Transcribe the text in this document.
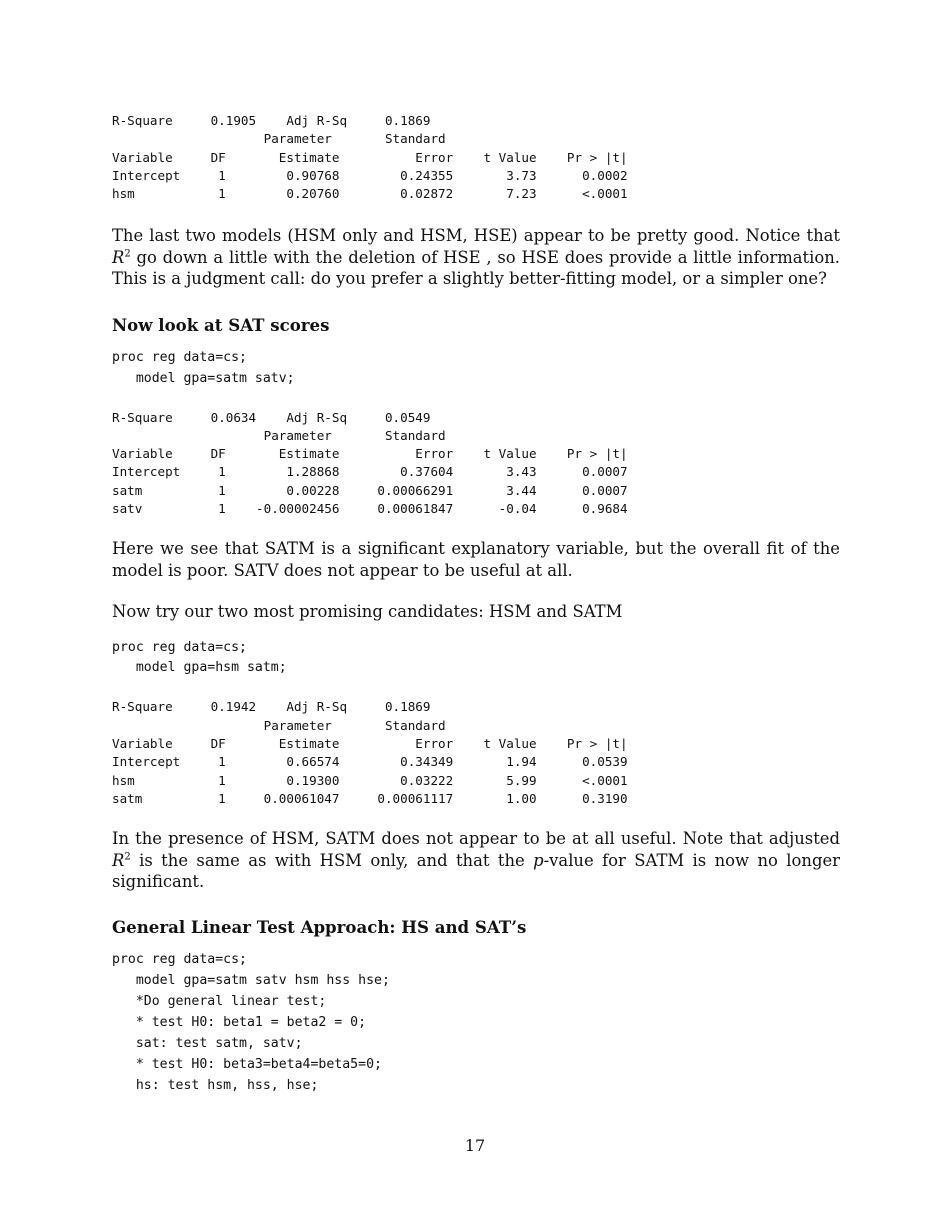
R-Square     0.1905    Adj R-Sq     0.1869
Parameter       Standard
Variable     DF       Estimate          Error    t Value    Pr > |t|
Intercept     1        0.90768        0.24355       3.73      0.0002
hsm           1        0.20760        0.02872       7.23      <.0001

The last two models (HSM only and HSM, HSE) appear to be pretty good. Notice that $R^2$ go down a little with the deletion of HSE , so HSE does provide a little information. This is a judgment call: do you prefer a slightly better-fitting model, or a simpler one?

Now look at SAT scores
proc reg data=cs;
model gpa=satm satv;
R-Square     0.0634    Adj R-Sq     0.0549
Parameter       Standard
Variable     DF       Estimate          Error    t Value    Pr > |t|
Intercept     1        1.28868        0.37604       3.43      0.0007
satm          1        0.00228     0.00066291       3.44      0.0007
satv          1    -0.00002456     0.00061847      -0.04      0.9684

Here we see that SATM is a significant explanatory variable, but the overall fit of the model is poor. SATV does not appear to be useful at all.

Now try our two most promising candidates: HSM and SATM

proc reg data=cs;
model gpa=hsm satm;
R-Square     0.1942    Adj R-Sq     0.1869
Parameter       Standard
Variable     DF       Estimate          Error    t Value    Pr > |t|
Intercept     1        0.66574        0.34349       1.94      0.0539
hsm           1        0.19300        0.03222       5.99      <.0001
satm          1     0.00061047     0.00061117       1.00      0.3190

In the presence of HSM, SATM does not appear to be at all useful. Note that adjusted $R^2$ is the same as with HSM only, and that the p-value for SATM is now no longer significant.

General Linear Test Approach: HS and SAT’s
proc reg data=cs;
model gpa=satm satv hsm hss hse;
*Do general linear test;
* test H0: beta1 = beta2 = 0;
sat: test satm, satv;
* test H0: beta3=beta4=beta5=0;
hs: test hsm, hss, hse;
17
